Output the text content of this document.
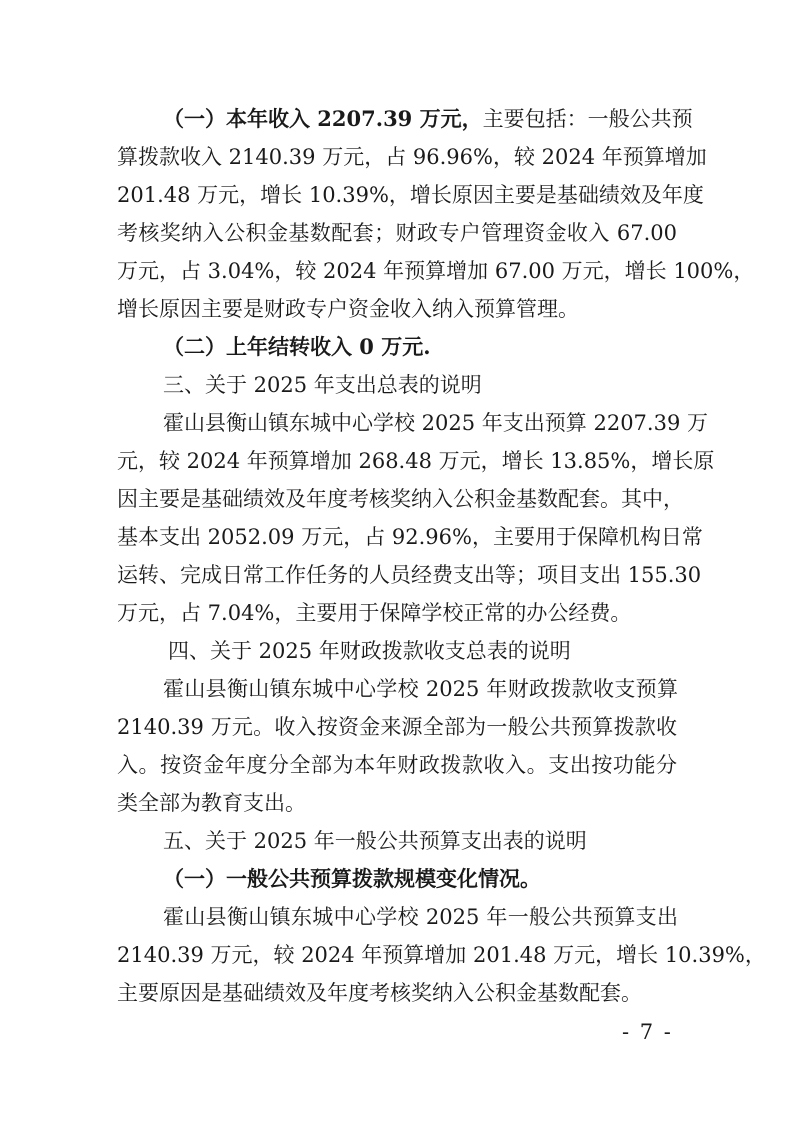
（一）本年收入 2207.39 万元，主要包括：一般公共预
算拨款收入 2140.39 万元，占 96.96%，较 2024 年预算增加
201.48 万元，增长 10.39%，增长原因主要是基础绩效及年度
考核奖纳入公积金基数配套；财政专户管理资金收入 67.00
万元，占 3.04%，较 2024 年预算增加 67.00 万元，增长 100%，
增长原因主要是财政专户资金收入纳入预算管理。
（二）上年结转收入 0 万元.
三、关于 2025 年支出总表的说明
霍山县衡山镇东城中心学校 2025 年支出预算 2207.39 万
元，较 2024 年预算增加 268.48 万元，增长 13.85%，增长原
因主要是基础绩效及年度考核奖纳入公积金基数配套。其中，
基本支出 2052.09 万元，占 92.96%，主要用于保障机构日常
运转、完成日常工作任务的人员经费支出等；项目支出 155.30
万元，占 7.04%，主要用于保障学校正常的办公经费。
四、关于 2025 年财政拨款收支总表的说明
霍山县衡山镇东城中心学校 2025 年财政拨款收支预算
2140.39 万元。收入按资金来源全部为一般公共预算拨款收
入。按资金年度分全部为本年财政拨款收入。支出按功能分
类全部为教育支出。
五、关于 2025 年一般公共预算支出表的说明
（一）一般公共预算拨款规模变化情况。
霍山县衡山镇东城中心学校 2025 年一般公共预算支出
2140.39 万元，较 2024 年预算增加 201.48 万元，增长 10.39%，
主要原因是基础绩效及年度考核奖纳入公积金基数配套。
- 7 -
